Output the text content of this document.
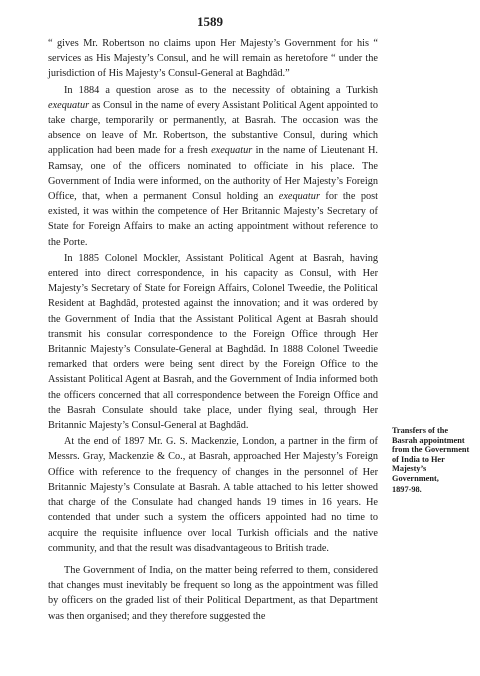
1589

“ gives Mr. Robertson no claims upon Her Majesty’s Government for his “ services as His Majesty’s Consul, and he will remain as heretofore “ under the jurisdiction of His Majesty’s Consul-General at Baghdâd.”

In 1884 a question arose as to the necessity of obtaining a Turkish exequatur as Consul in the name of every Assistant Political Agent appointed to take charge, temporarily or permanently, at Basrah. The occasion was the absence on leave of Mr. Robertson, the substantive Consul, during which application had been made for a fresh exequatur in the name of Lieutenant H. Ramsay, one of the officers nominated to officiate in his place. The Government of India were informed, on the authority of Her Majesty’s Foreign Office, that, when a permanent Consul holding an exequatur for the post existed, it was within the competence of Her Britannic Majesty’s Secretary of State for Foreign Affairs to make an acting appointment without reference to the Porte.

In 1885 Colonel Mockler, Assistant Political Agent at Basrah, having entered into direct correspondence, in his capacity as Consul, with Her Majesty’s Secretary of State for Foreign Affairs, Colonel Tweedie, the Political Resident at Baghdâd, protested against the innovation; and it was ordered by the Government of India that the Assistant Political Agent at Basrah should transmit his consular correspondence to the Foreign Office through Her Britannic Majesty’s Consulate-General at Baghdâd. In 1888 Colonel Tweedie remarked that orders were being sent direct by the Foreign Office to the Assistant Political Agent at Basrah, and the Government of India informed both the officers concerned that all correspondence between the Foreign Office and the Basrah Consulate should take place, under flying seal, through Her Britannic Majesty’s Consul-General at Baghdâd.

At the end of 1897 Mr. G. S. Mackenzie, London, a partner in the firm of Messrs. Gray, Mackenzie & Co., at Basrah, approached Her Majesty’s Foreign Office with reference to the frequency of changes in the personnel of Her Britannic Majesty’s Consulate at Basrah. A table attached to his letter showed that charge of the Consulate had changed hands 19 times in 16 years. He contended that under such a system the officers appointed had no time to acquire the requisite influence over local Turkish officials and the native community, and that the result was disadvantageous to British trade.

The Government of India, on the matter being referred to them, considered that changes must inevitably be frequent so long as the appointment was filled by officers on the graded list of their Political Department, as that Department was then organised; and they therefore suggested the

Transfers of the Basrah appointment from the Government of India to Her Majesty’s Government,
1897-98.
